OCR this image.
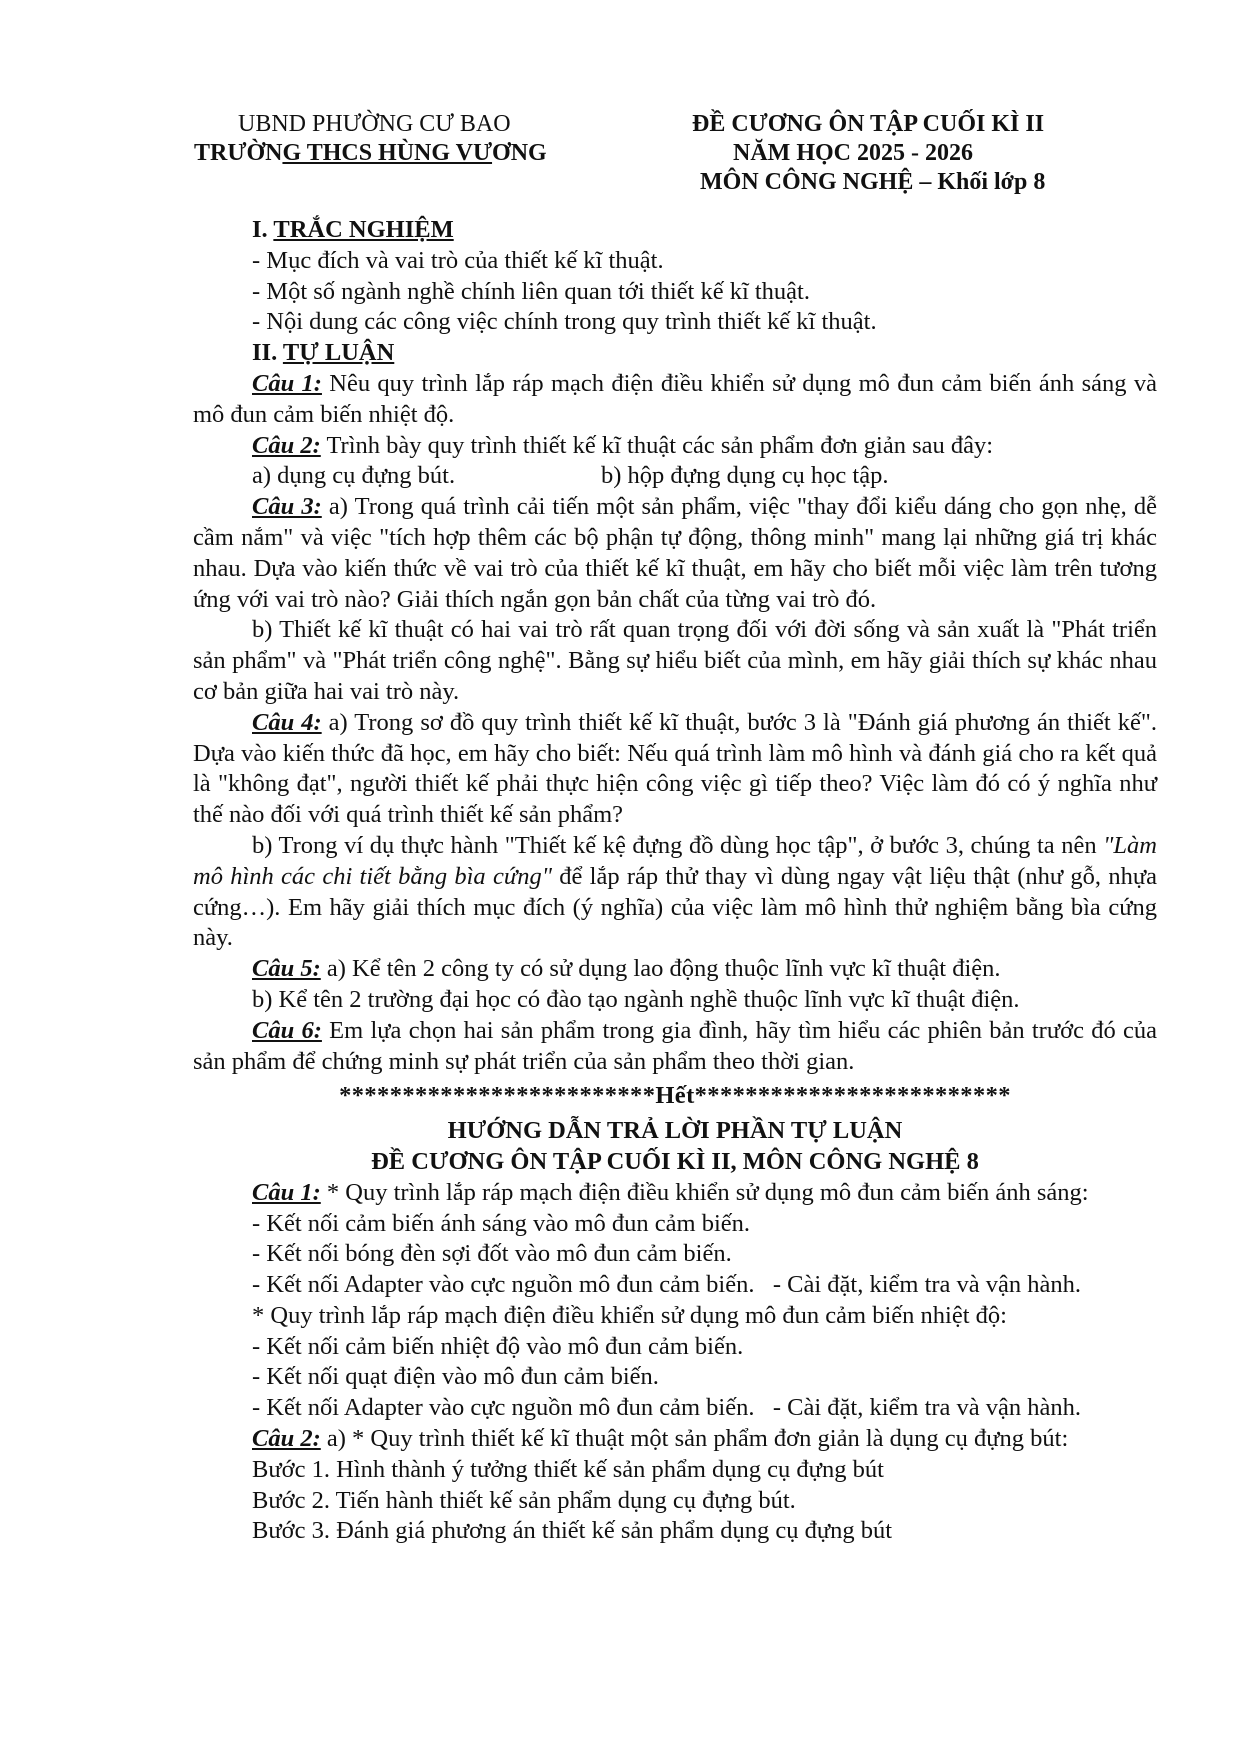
UBND PHƯỜNG CƯ BAO
TRƯỜNG THCS HÙNG VƯƠNG
ĐỀ CƯƠNG ÔN TẬP CUỐI KÌ II
NĂM HỌC 2025 - 2026
MÔN CÔNG NGHỆ – Khối lớp 8

I. TRẮC NGHIỆM

- Mục đích và vai trò của thiết kế kĩ thuật.

- Một số ngành nghề chính liên quan tới thiết kế kĩ thuật.

- Nội dung các công việc chính trong quy trình thiết kế kĩ thuật.

II. TỰ LUẬN

Câu 1: Nêu quy trình lắp ráp mạch điện điều khiển sử dụng mô đun cảm biến ánh sáng và mô đun cảm biến nhiệt độ.

Câu 2: Trình bày quy trình thiết kế kĩ thuật các sản phẩm đơn giản sau đây:

a) dụng cụ đựng bút.	b) hộp đựng dụng cụ học tập.

Câu 3: a) Trong quá trình cải tiến một sản phẩm, việc "thay đổi kiểu dáng cho gọn nhẹ, dễ cầm nắm" và việc "tích hợp thêm các bộ phận tự động, thông minh" mang lại những giá trị khác nhau. Dựa vào kiến thức về vai trò của thiết kế kĩ thuật, em hãy cho biết mỗi việc làm trên tương ứng với vai trò nào? Giải thích ngắn gọn bản chất của từng vai trò đó.

b) Thiết kế kĩ thuật có hai vai trò rất quan trọng đối với đời sống và sản xuất là "Phát triển sản phẩm" và "Phát triển công nghệ". Bằng sự hiểu biết của mình, em hãy giải thích sự khác nhau cơ bản giữa hai vai trò này.

Câu 4: a) Trong sơ đồ quy trình thiết kế kĩ thuật, bước 3 là "Đánh giá phương án thiết kế". Dựa vào kiến thức đã học, em hãy cho biết: Nếu quá trình làm mô hình và đánh giá cho ra kết quả là "không đạt", người thiết kế phải thực hiện công việc gì tiếp theo? Việc làm đó có ý nghĩa như thế nào đối với quá trình thiết kế sản phẩm?

b) Trong ví dụ thực hành "Thiết kế kệ đựng đồ dùng học tập", ở bước 3, chúng ta nên "Làm mô hình các chi tiết bằng bìa cứng" để lắp ráp thử thay vì dùng ngay vật liệu thật (như gỗ, nhựa cứng…). Em hãy giải thích mục đích (ý nghĩa) của việc làm mô hình thử nghiệm bằng bìa cứng này.

Câu 5: a) Kể tên 2 công ty có sử dụng lao động thuộc lĩnh vực kĩ thuật điện.

b) Kể tên 2 trường đại học có đào tạo ngành nghề thuộc lĩnh vực kĩ thuật điện.

Câu 6: Em lựa chọn hai sản phẩm trong gia đình, hãy tìm hiểu các phiên bản trước đó của sản phẩm để chứng minh sự phát triển của sản phẩm theo thời gian.

*************************Hết*************************

HƯỚNG DẪN TRẢ LỜI PHẦN TỰ LUẬN

ĐỀ CƯƠNG ÔN TẬP CUỐI KÌ II, MÔN CÔNG NGHỆ 8

Câu 1: * Quy trình lắp ráp mạch điện điều khiển sử dụng mô đun cảm biến ánh sáng:

- Kết nối cảm biến ánh sáng vào mô đun cảm biến.

- Kết nối bóng đèn sợi đốt vào mô đun cảm biến.

- Kết nối Adapter vào cực nguồn mô đun cảm biến. - Cài đặt, kiểm tra và vận hành.

* Quy trình lắp ráp mạch điện điều khiển sử dụng mô đun cảm biến nhiệt độ:

- Kết nối cảm biến nhiệt độ vào mô đun cảm biến.

- Kết nối quạt điện vào mô đun cảm biến.

- Kết nối Adapter vào cực nguồn mô đun cảm biến. - Cài đặt, kiểm tra và vận hành.

Câu 2: a) * Quy trình thiết kế kĩ thuật một sản phẩm đơn giản là dụng cụ đựng bút:

Bước 1. Hình thành ý tưởng thiết kế sản phẩm dụng cụ đựng bút

Bước 2. Tiến hành thiết kế sản phẩm dụng cụ đựng bút.

Bước 3. Đánh giá phương án thiết kế sản phẩm dụng cụ đựng bút
